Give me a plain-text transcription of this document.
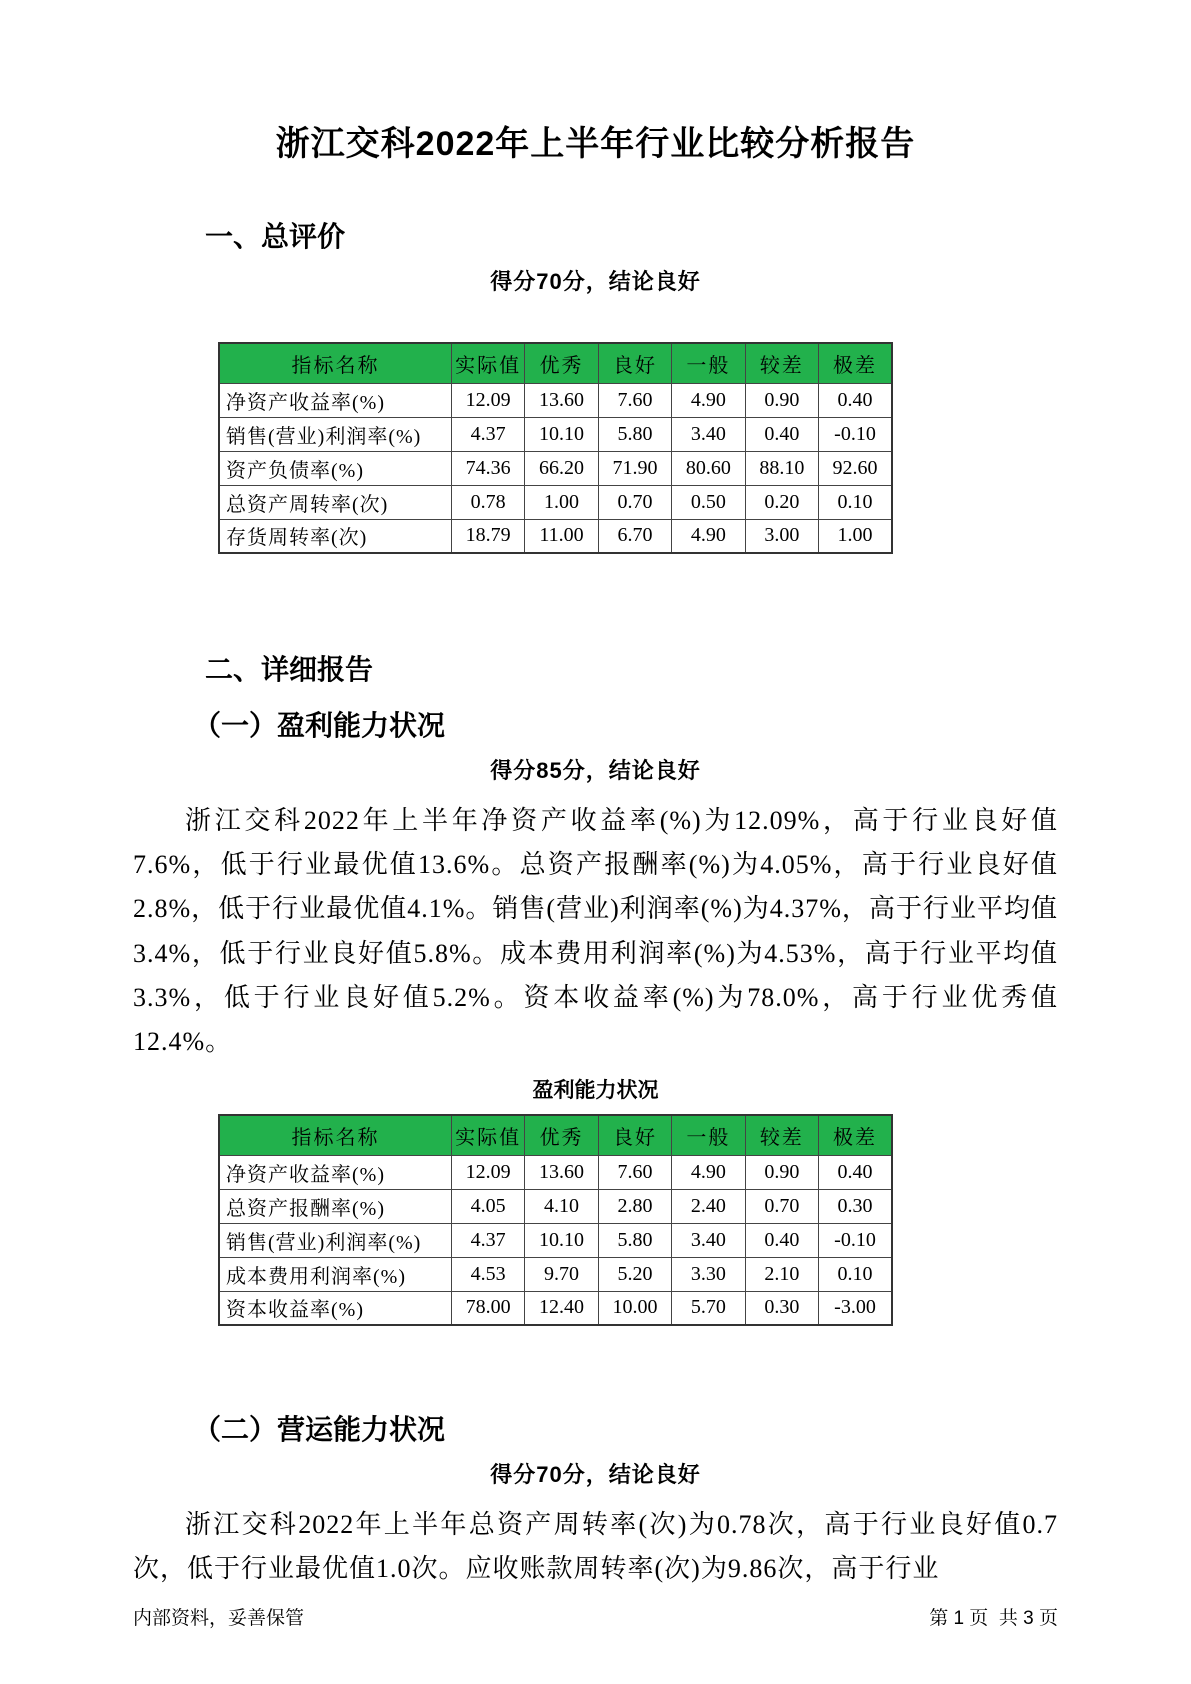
浙江交科2022年上半年行业比较分析报告
一、总评价
得分70分，结论良好
指标名称	实际值	优秀	良好	一般	较差	极差
净资产收益率(%)	12.09	13.60	7.60	4.90	0.90	0.40
销售(营业)利润率(%)	4.37	10.10	5.80	3.40	0.40	-0.10
资产负债率(%)	74.36	66.20	71.90	80.60	88.10	92.60
总资产周转率(次)	0.78	1.00	0.70	0.50	0.20	0.10
存货周转率(次)	18.79	11.00	6.70	4.90	3.00	1.00
二、详细报告
（一）盈利能力状况
得分85分，结论良好
浙江交科2022年上半年净资产收益率(%)为12.09%，高于行业良好值7.6%，低于行业最优值13.6%。总资产报酬率(%)为4.05%，高于行业良好值2.8%，低于行业最优值4.1%。销售(营业)利润率(%)为4.37%，高于行业平均值3.4%，低于行业良好值5.8%。成本费用利润率(%)为4.53%，高于行业平均值3.3%，低于行业良好值5.2%。资本收益率(%)为78.0%，高于行业优秀值12.4%。
盈利能力状况
指标名称	实际值	优秀	良好	一般	较差	极差
净资产收益率(%)	12.09	13.60	7.60	4.90	0.90	0.40
总资产报酬率(%)	4.05	4.10	2.80	2.40	0.70	0.30
销售(营业)利润率(%)	4.37	10.10	5.80	3.40	0.40	-0.10
成本费用利润率(%)	4.53	9.70	5.20	3.30	2.10	0.10
资本收益率(%)	78.00	12.40	10.00	5.70	0.30	-3.00
（二）营运能力状况
得分70分，结论良好
浙江交科2022年上半年总资产周转率(次)为0.78次，高于行业良好值0.7次，低于行业最优值1.0次。应收账款周转率(次)为9.86次，高于行业
内部资料，妥善保管	第 1 页  共 3 页
